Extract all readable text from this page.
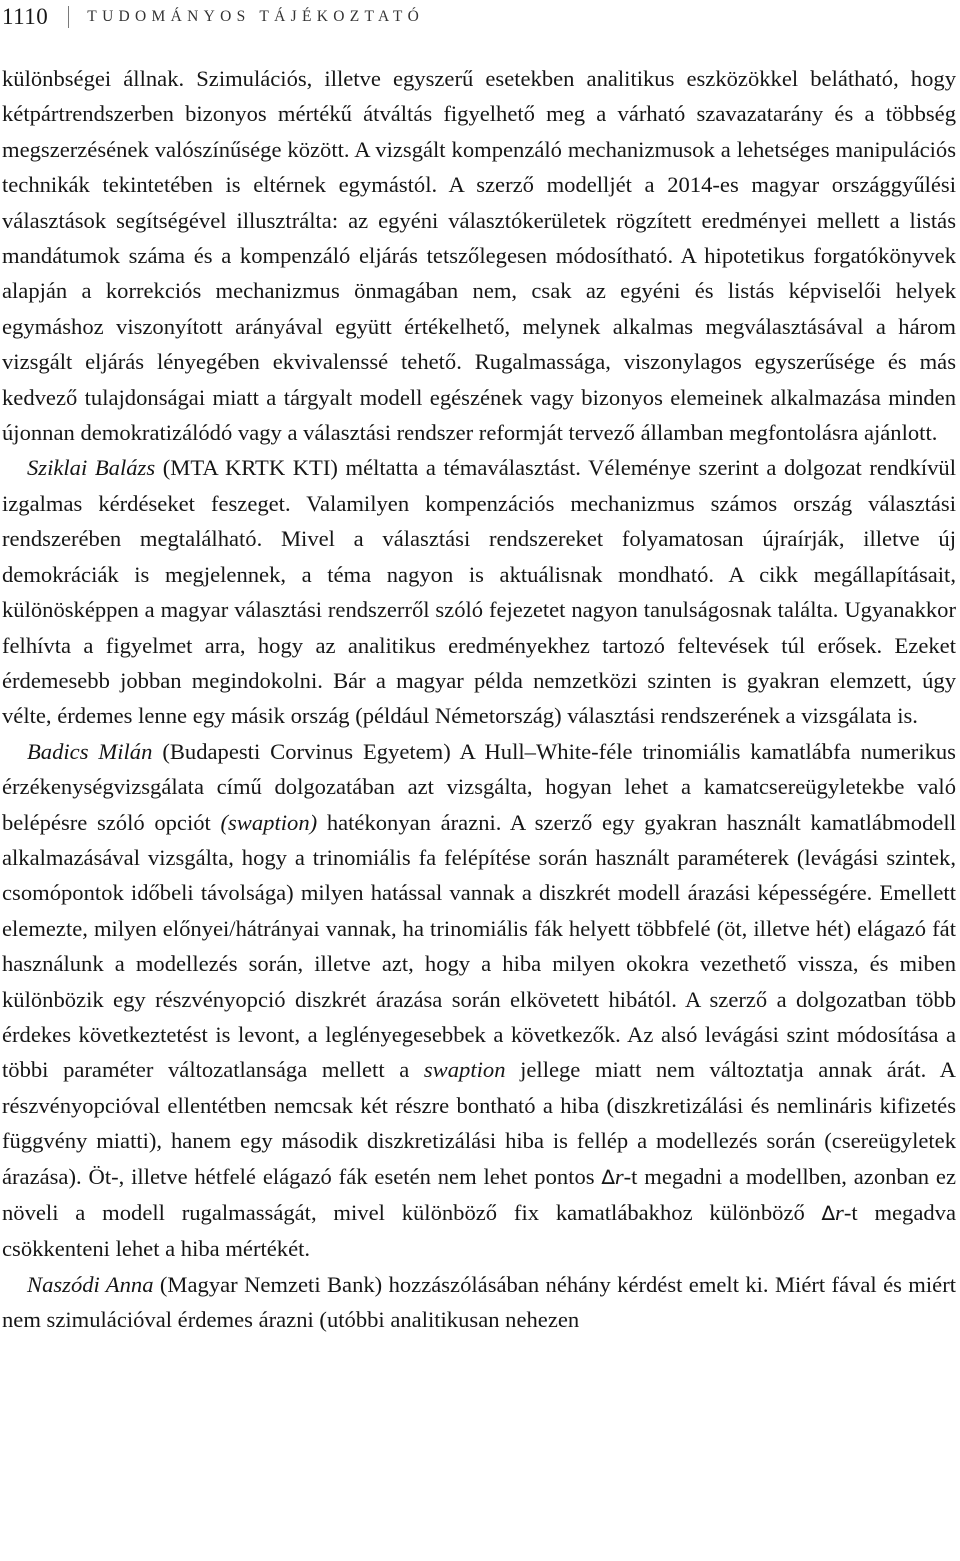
1110	TUDOMÁNYOS TÁJÉKOZTATÓ

különbségei állnak. Szimulációs, illetve egyszerű esetekben analitikus eszközökkel belátható, hogy kétpártrendszerben bizonyos mértékű átváltás figyelhető meg a várható szavazatarány és a többség megszerzésének valószínűsége között. A vizsgált kompenzáló mechanizmusok a lehetséges manipulációs technikák tekintetében is eltérnek egymástól. A szerző modelljét a 2014-es magyar országgyűlési választások segítségével illusztrálta: az egyéni választókerületek rögzített eredményei mellett a listás mandátumok száma és a kompenzáló eljárás tetszőlegesen módosítható. A hipotetikus forgatókönyvek alapján a korrekciós mechanizmus önmagában nem, csak az egyéni és listás képviselői helyek egymáshoz viszonyított arányával együtt értékelhető, melynek alkalmas megválasztásával a három vizsgált eljárás lényegében ekvivalenssé tehető. Rugalmassága, viszonylagos egyszerűsége és más kedvező tulajdonságai miatt a tárgyalt modell egészének vagy bizonyos elemeinek alkalmazása minden újonnan demokratizálódó vagy a választási rendszer reformját tervező államban megfontolásra ajánlott.

Sziklai Balázs (MTA KRTK KTI) méltatta a témaválasztást. Véleménye szerint a dolgozat rendkívül izgalmas kérdéseket feszeget. Valamilyen kompenzációs mechanizmus számos ország választási rendszerében megtalálható. Mivel a választási rendszereket folyamatosan újraírják, illetve új demokráciák is megjelennek, a téma nagyon is aktuálisnak mondható. A cikk megállapításait, különösképpen a magyar választási rendszerről szóló fejezetet nagyon tanulságosnak találta. Ugyanakkor felhívta a figyelmet arra, hogy az analitikus eredményekhez tartozó feltevések túl erősek. Ezeket érdemesebb jobban megindokolni. Bár a magyar példa nemzetközi szinten is gyakran elemzett, úgy vélte, érdemes lenne egy másik ország (például Németország) választási rendszerének a vizsgálata is.

Badics Milán (Budapesti Corvinus Egyetem) A Hull–White-féle trinomiális kamatlábfa numerikus érzékenységvizsgálata című dolgozatában azt vizsgálta, hogyan lehet a kamatcsereügyletekbe való belépésre szóló opciót (swaption) hatékonyan árazni. A szerző egy gyakran használt kamatlábmodell alkalmazásával vizsgálta, hogy a trinomiális fa felépítése során használt paraméterek (levágási szintek, csomópontok időbeli távolsága) milyen hatással vannak a diszkrét modell árazási képességére. Emellett elemezte, milyen előnyei/hátrányai vannak, ha trinomiális fák helyett többfelé (öt, illetve hét) elágazó fát használunk a modellezés során, illetve azt, hogy a hiba milyen okokra vezethető vissza, és miben különbözik egy részvényopció diszkrét árazása során elkövetett hibától. A szerző a dolgozatban több érdekes következtetést is levont, a leglényegesebbek a következők. Az alsó levágási szint módosítása a többi paraméter változatlansága mellett a swaption jellege miatt nem változtatja annak árát. A részvényopcióval ellentétben nemcsak két részre bontható a hiba (diszkretizálási és nemlináris kifizetés függvény miatti), hanem egy második diszkretizálási hiba is fellép a modellezés során (csereügyletek árazása). Öt-, illetve hétfelé elágazó fák esetén nem lehet pontos ∆r-t megadni a modellben, azonban ez növeli a modell rugalmasságát, mivel különböző fix kamatlábakhoz különböző ∆r-t megadva csökkenteni lehet a hiba mértékét.

Naszódi Anna (Magyar Nemzeti Bank) hozzászólásában néhány kérdést emelt ki. Miért fával és miért nem szimulációval érdemes árazni (utóbbi analitikusan nehezen
